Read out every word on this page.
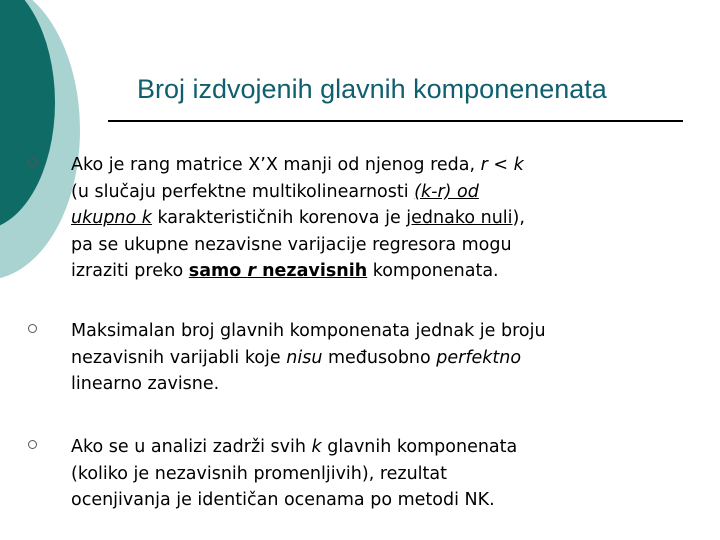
Broj izdvojenih glavnih komponenenata
Ako je rang matrice X’X manji od njenog reda, r < k
(u slučaju perfektne multikolinearnosti (k-r) od
ukupno k karakterističnih korenova je jednako nuli),
pa se ukupne nezavisne varijacije regresora mogu
izraziti preko samo r nezavisnih komponenata.
Maksimalan broj glavnih komponenata jednak je broju
nezavisnih varijabli koje nisu međusobno perfektno
linearno zavisne.
Ako se u analizi zadrži svih k glavnih komponenata
(koliko je nezavisnih promenljivih), rezultat
ocenjivanja je identičan ocenama po metodi NK.
